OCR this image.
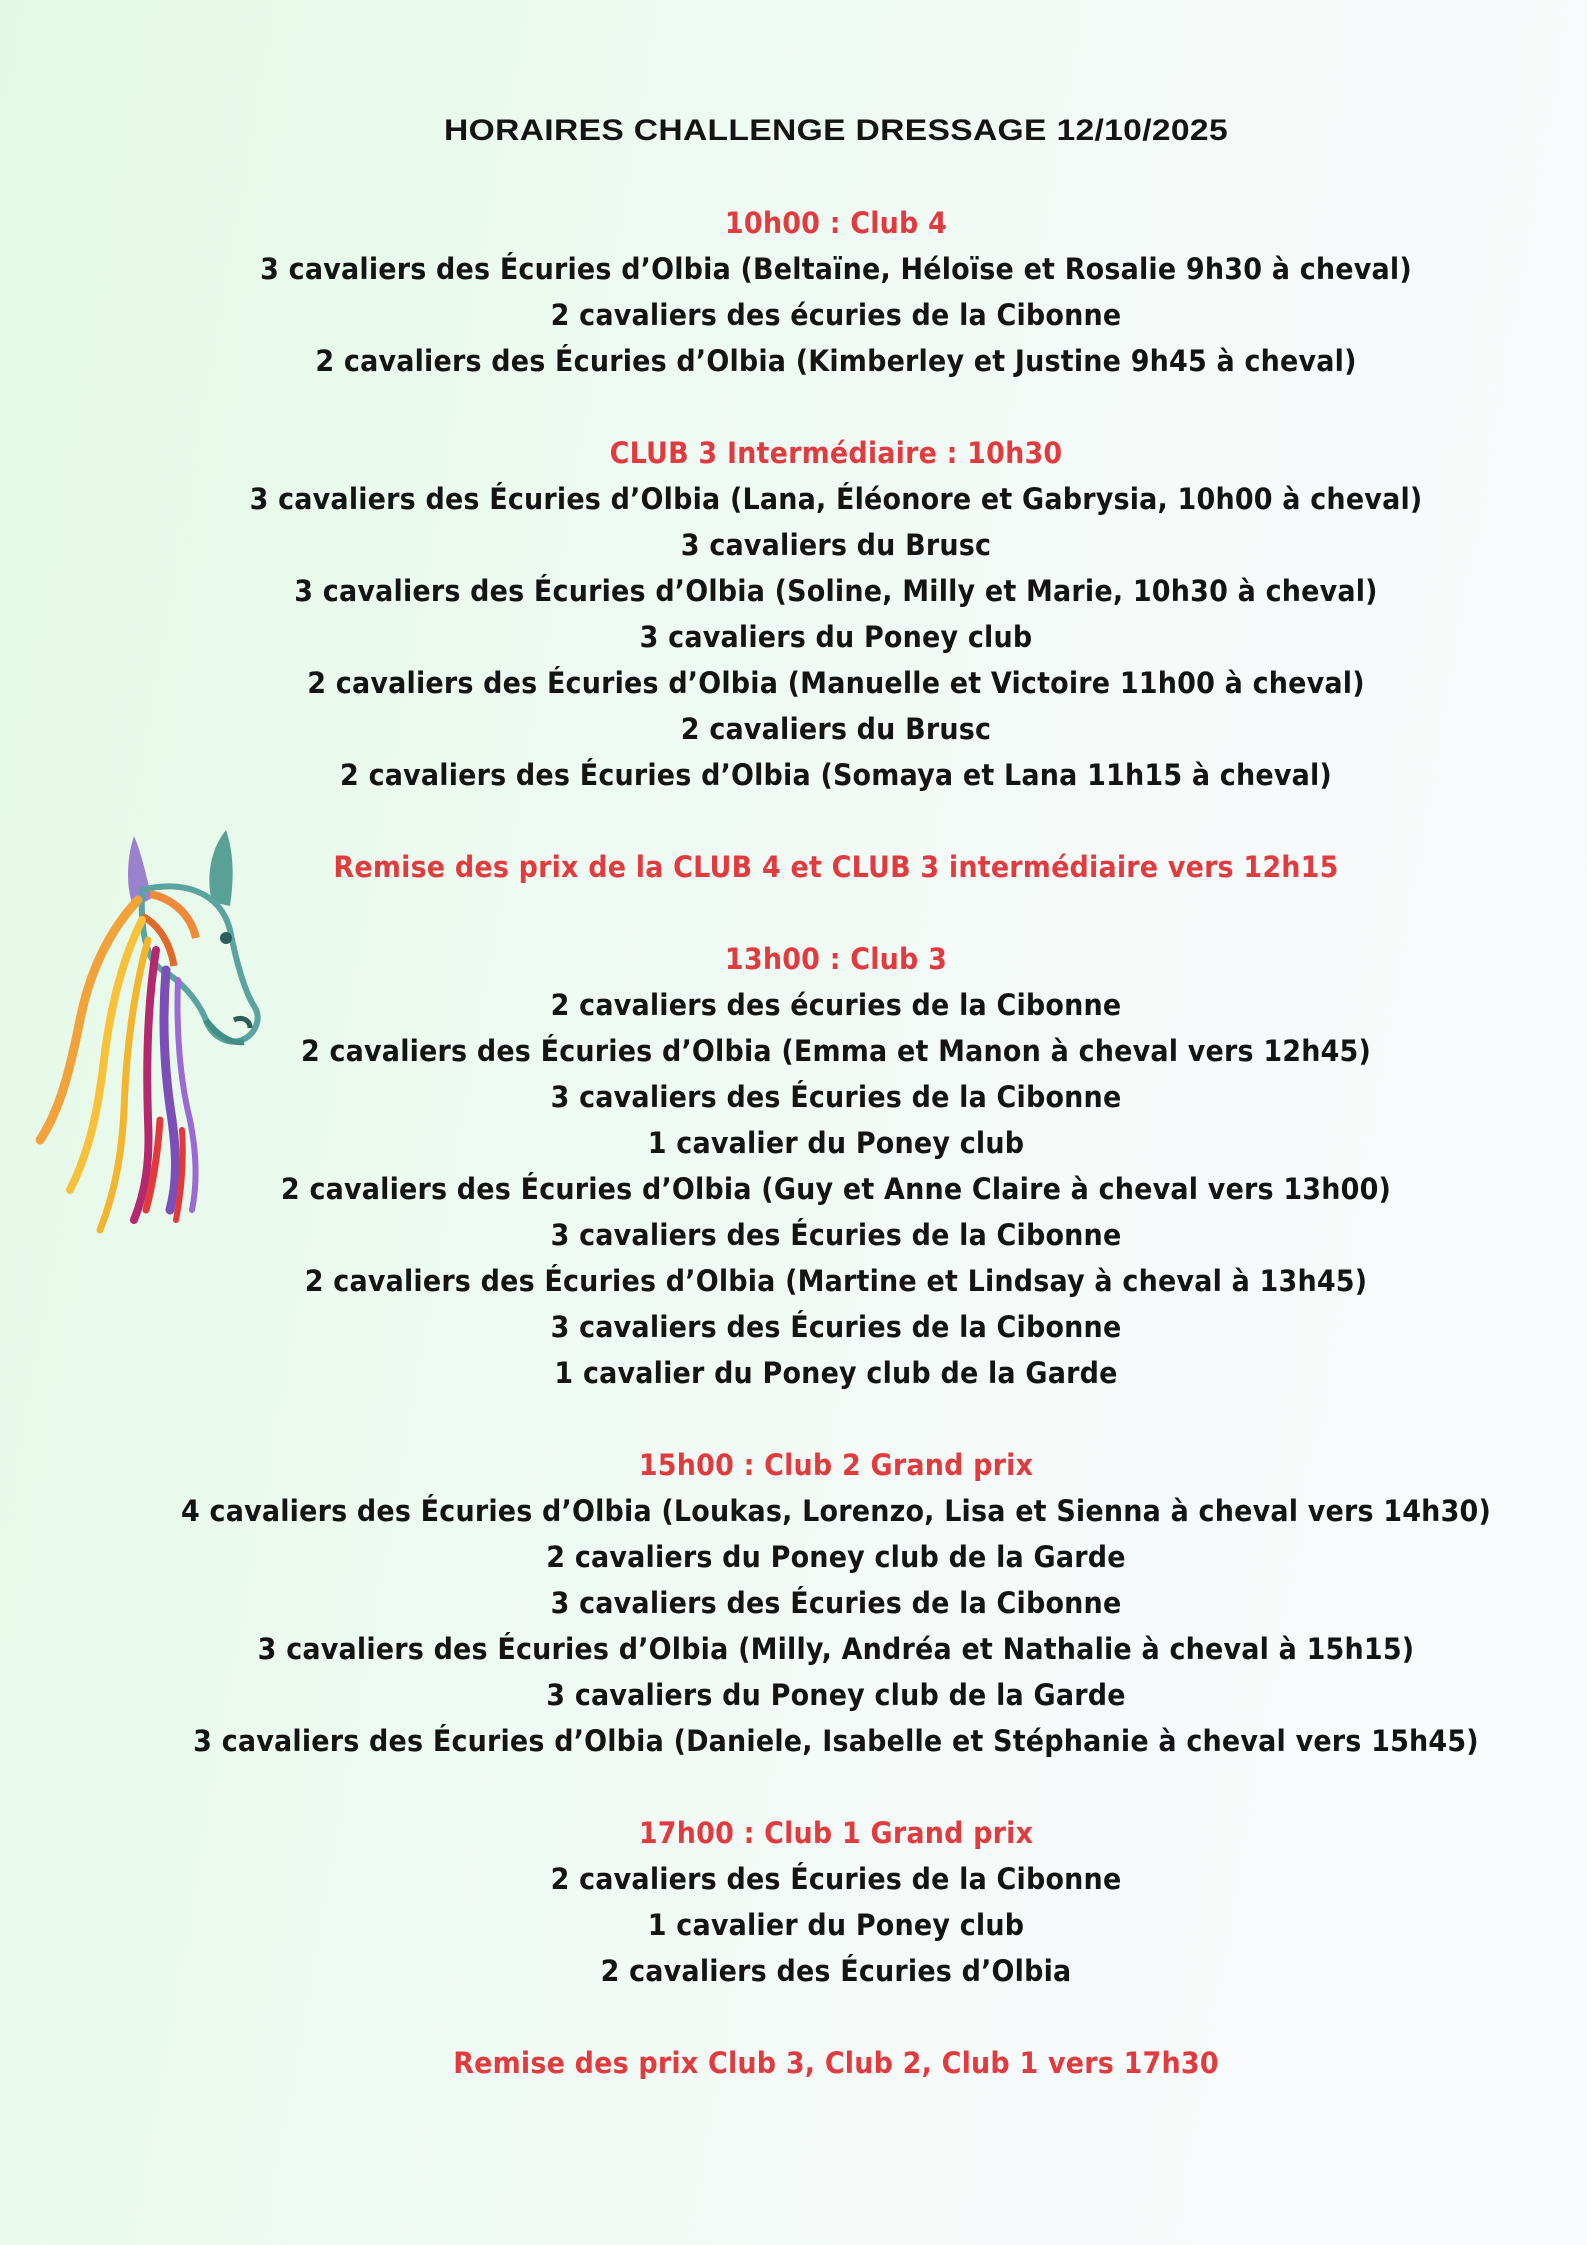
HORAIRES CHALLENGE DRESSAGE 12/10/2025
10h00 : Club 4
3 cavaliers des Écuries d’Olbia (Beltaïne, Héloïse et Rosalie 9h30 à cheval)
2 cavaliers des écuries de la Cibonne
2 cavaliers des Écuries d’Olbia (Kimberley et Justine 9h45 à cheval)
CLUB 3 Intermédiaire : 10h30
3 cavaliers des Écuries d’Olbia (Lana, Éléonore et Gabrysia, 10h00 à cheval)
3 cavaliers du Brusc
3 cavaliers des Écuries d’Olbia (Soline, Milly et Marie, 10h30 à cheval)
3 cavaliers du Poney club
2 cavaliers des Écuries d’Olbia (Manuelle et Victoire 11h00 à cheval)
2 cavaliers du Brusc
2 cavaliers des Écuries d’Olbia (Somaya et Lana 11h15 à cheval)
Remise des prix de la CLUB 4 et CLUB 3 intermédiaire vers 12h15
13h00 : Club 3
2 cavaliers des écuries de la Cibonne
2 cavaliers des Écuries d’Olbia (Emma et Manon à cheval vers 12h45)
3 cavaliers des Écuries de la Cibonne
1 cavalier du Poney club
2 cavaliers des Écuries d’Olbia (Guy et Anne Claire à cheval vers 13h00)
3 cavaliers des Écuries de la Cibonne
2 cavaliers des Écuries d’Olbia (Martine et Lindsay à cheval à 13h45)
3 cavaliers des Écuries de la Cibonne
1 cavalier du Poney club de la Garde
15h00 : Club 2 Grand prix
4 cavaliers des Écuries d’Olbia (Loukas, Lorenzo, Lisa et Sienna à cheval vers 14h30)
2 cavaliers du Poney club de la Garde
3 cavaliers des Écuries de la Cibonne
3 cavaliers des Écuries d’Olbia (Milly, Andréa et Nathalie à cheval à 15h15)
3 cavaliers du Poney club de la Garde
3 cavaliers des Écuries d’Olbia (Daniele, Isabelle et Stéphanie à cheval vers 15h45)
17h00 : Club 1 Grand prix
2 cavaliers des Écuries de la Cibonne
1 cavalier du Poney club
2 cavaliers des Écuries d’Olbia
Remise des prix Club 3, Club 2, Club 1 vers 17h30
